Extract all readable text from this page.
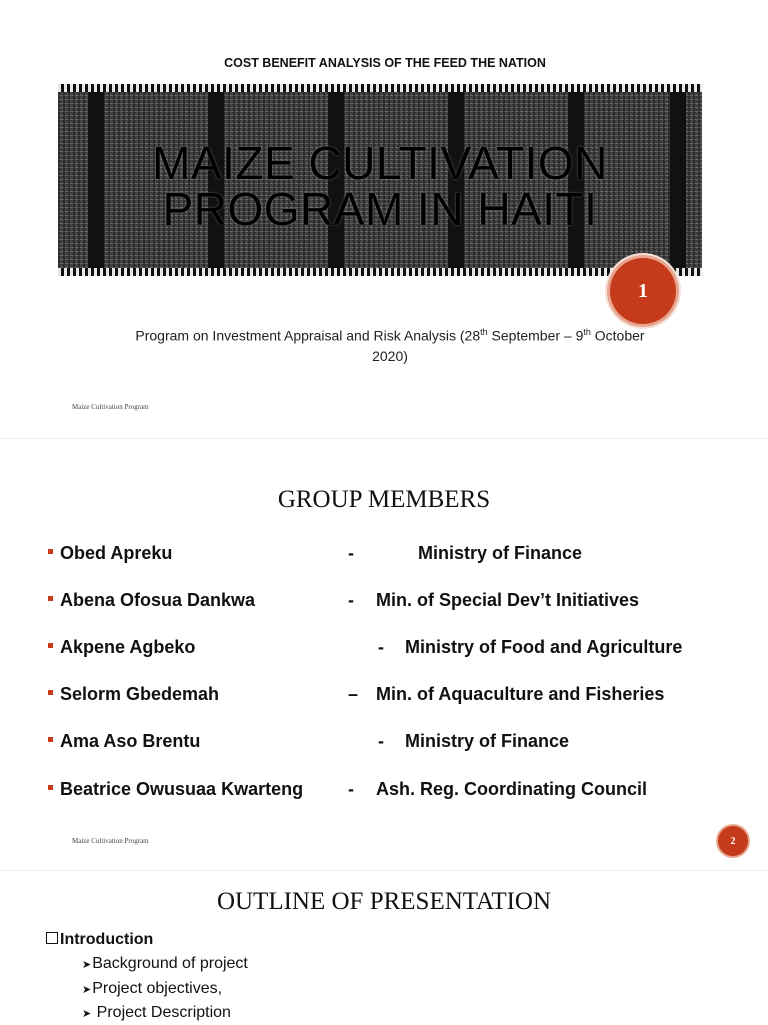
COST BENEFIT ANALYSIS OF THE FEED THE NATION
MAIZE CULTIVATION
PROGRAM IN HAITI
1
Program on Investment Appraisal and Risk Analysis (28th September – 9th October 2020)
Maize Cultivation Program
GROUP MEMBERS
Obed Apreku	-	Ministry of Finance
Abena Ofosua Dankwa	- Min. of Special Dev’t Initiatives
Akpene Agbeko	- Ministry of Food and Agriculture
Selorm Gbedemah	– Min. of Aquaculture and Fisheries
Ama Aso Brentu	- Ministry of Finance
Beatrice Owusuaa Kwarteng - Ash. Reg. Coordinating Council
Maize Cultivation Program	2
OUTLINE OF PRESENTATION
Introduction
➤Background of project
➤Project objectives,
➤ Project Description
